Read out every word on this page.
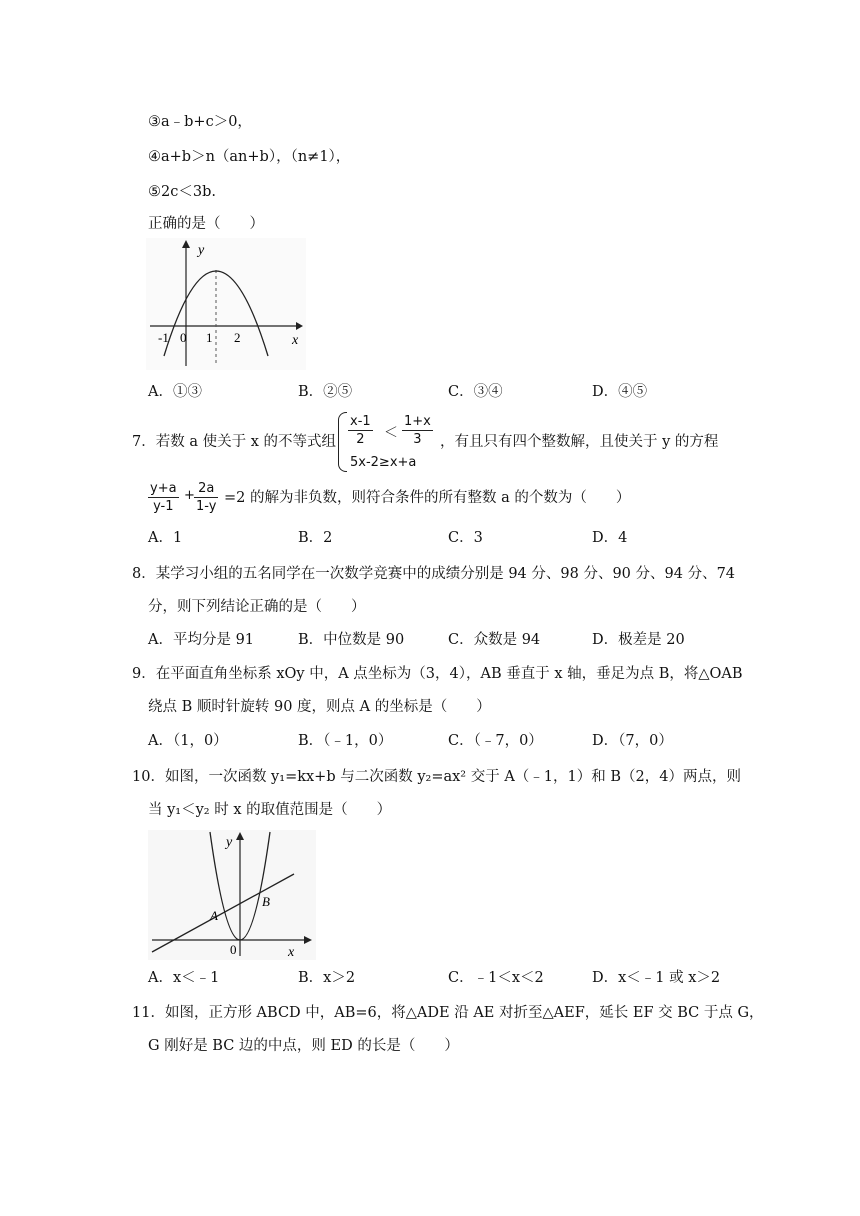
③a﹣b+c＞0，
④a+b＞n（an+b），（n≠1），
⑤2c＜3b.
正确的是（　　）
y
x
-1 0 1 2
A．①③	B．②⑤	C．③④	D．④⑤
7．若数 a 使关于 x 的不等式组 $\frac{x-1}{2} < \frac{1+x}{3}$
5x-2≥x+a
，有且只有四个整数解，且使关于 y 的方程
$\frac{y+a}{y-1} + \frac{2a}{1-y} =2$ 的解为非负数，则符合条件的所有整数 a 的个数为（　　）
A．1	B．2	C．3	D．4
8．某学习小组的五名同学在一次数学竞赛中的成绩分别是 94 分、98 分、90 分、94 分、74
分，则下列结论正确的是（　　）
A．平均分是 91	B．中位数是 90	C．众数是 94	D．极差是 20
9．在平面直角坐标系 xOy 中，A 点坐标为（3，4），AB 垂直于 x 轴，垂足为点 B，将△OAB
绕点 B 顺时针旋转 90 度，则点 A 的坐标是（　　）
A．（1，0）	B．（﹣1，0）	C．（﹣7，0）	D．（7，0）
10．如图，一次函数 y₁=kx+b 与二次函数 y₂=ax² 交于 A（﹣1，1）和 B（2，4）两点，则
当 y₁＜y₂ 时 x 的取值范围是（　　）
y
x
0
A
B
A．x＜﹣1	B．x＞2	C．﹣1＜x＜2	D．x＜﹣1 或 x＞2
11．如图，正方形 ABCD 中，AB=6，将△ADE 沿 AE 对折至△AEF，延长 EF 交 BC 于点 G，
G 刚好是 BC 边的中点，则 ED 的长是（　　）
